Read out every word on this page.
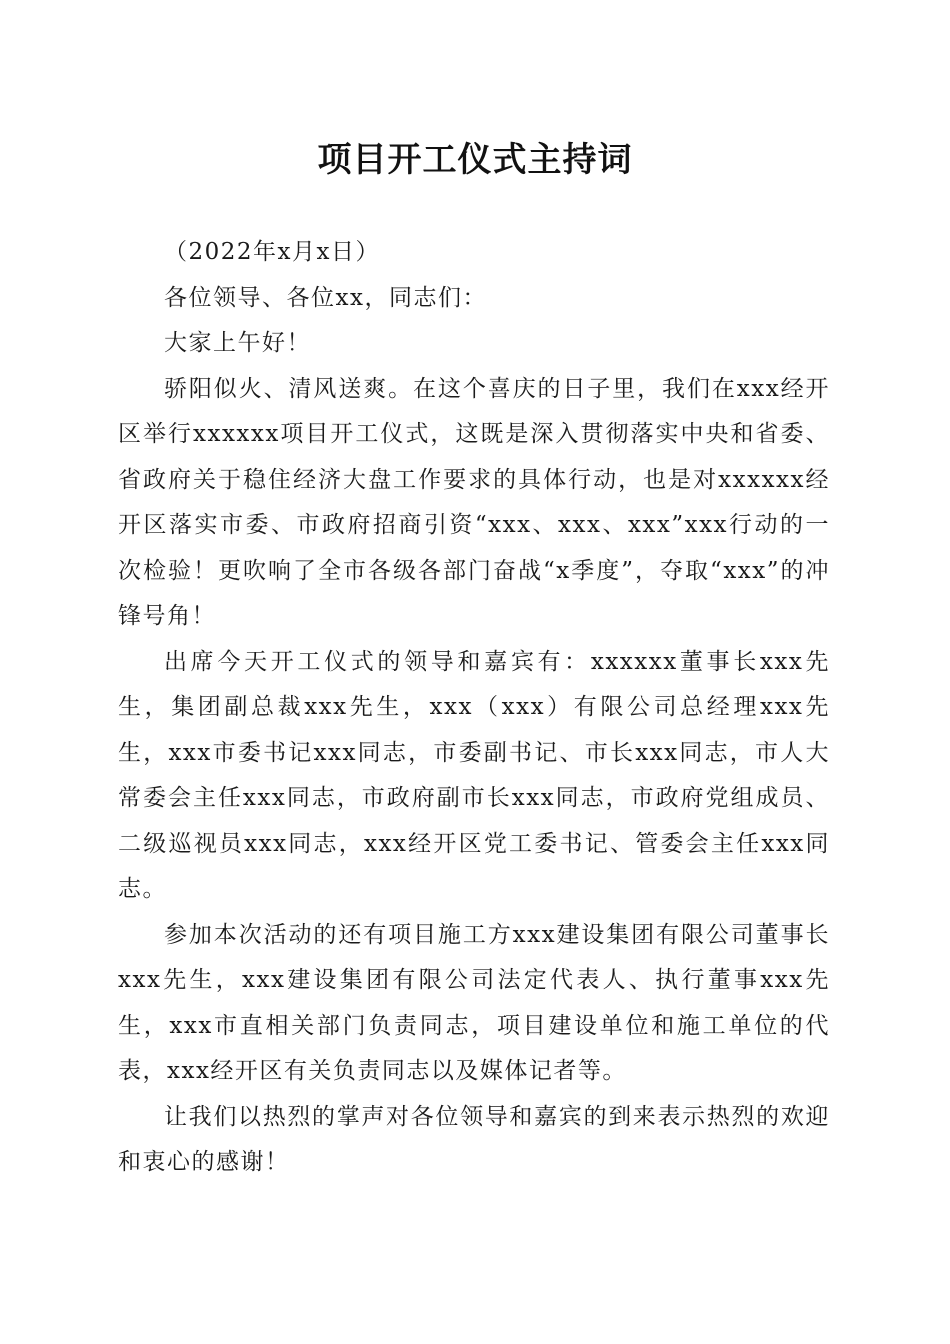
项目开工仪式主持词

（2022年x月x日）

各位领导、各位xx，同志们：

大家上午好！

骄阳似火、清风送爽。在这个喜庆的日子里，我们在xxx经开区举行xxxxxx项目开工仪式，这既是深入贯彻落实中央和省委、省政府关于稳住经济大盘工作要求的具体行动，也是对xxxxxx经开区落实市委、市政府招商引资“xxx、xxx、xxx”xxx行动的一次检验！更吹响了全市各级各部门奋战“x季度”，夺取“xxx”的冲锋号角！

出席今天开工仪式的领导和嘉宾有：xxxxxx董事长xxx先生，集团副总裁xxx先生，xxx（xxx）有限公司总经理xxx先生，xxx市委书记xxx同志，市委副书记、市长xxx同志，市人大常委会主任xxx同志，市政府副市长xxx同志，市政府党组成员、二级巡视员xxx同志，xxx经开区党工委书记、管委会主任xxx同志。

参加本次活动的还有项目施工方xxx建设集团有限公司董事长xxx先生，xxx建设集团有限公司法定代表人、执行董事xxx先生，xxx市直相关部门负责同志，项目建设单位和施工单位的代表，xxx经开区有关负责同志以及媒体记者等。

让我们以热烈的掌声对各位领导和嘉宾的到来表示热烈的欢迎和衷心的感谢！
